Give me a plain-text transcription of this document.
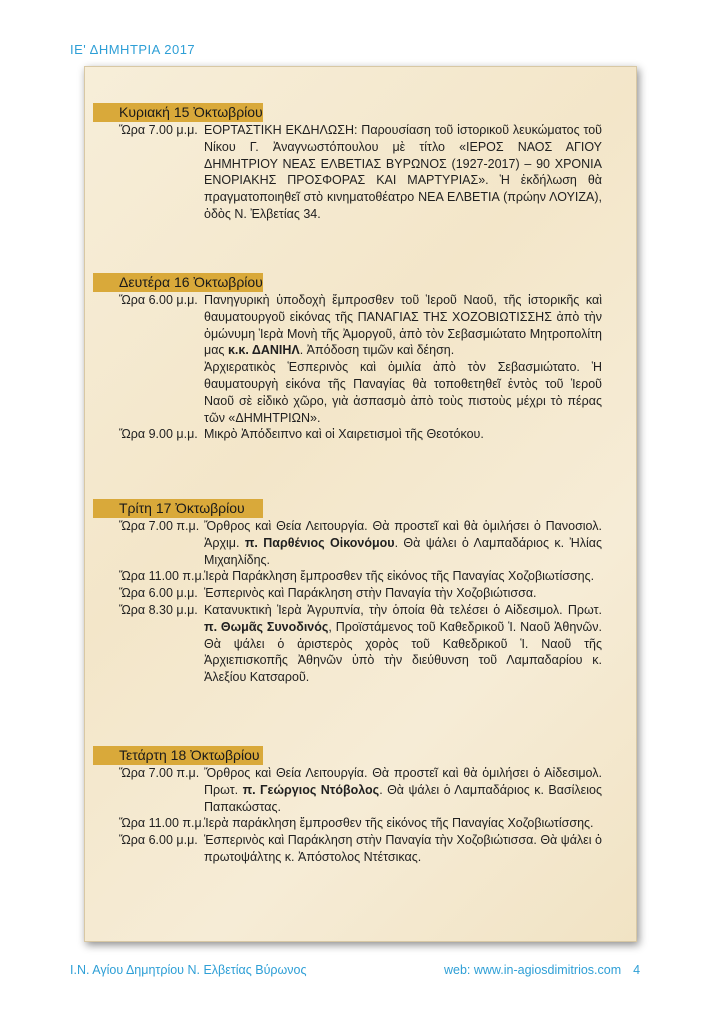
ΙΕ' ΔΗΜΗΤΡΙΑ 2017
Κυριακή 15 Ὀκτωβρίου
Ὥρα 7.00 μ.μ. ΕΟΡΤΑΣΤΙΚΗ ΕΚΔΗΛΩΣΗ: Παρουσίαση τοῦ ἱστορικοῦ λευκώματος τοῦ Νίκου Γ. Ἀναγνωστόπουλου μὲ τίτλο «ΙΕΡΟΣ ΝΑΟΣ ΑΓΙΟΥ ΔΗΜΗΤΡΙΟΥ ΝΕΑΣ ΕΛΒΕΤΙΑΣ ΒΥΡΩΝΟΣ (1927-2017) – 90 ΧΡΟΝΙΑ ΕΝΟΡΙΑΚΗΣ ΠΡΟΣΦΟΡΑΣ ΚΑΙ ΜΑΡΤΥΡΙΑΣ». Ἡ ἐκδήλωση θὰ πραγματοποιηθεῖ στὸ κινηματοθέατρο ΝΕΑ ΕΛΒΕΤΙΑ (πρώην ΛΟΥΙΖΑ), ὁδὸς Ν. Ἐλβετίας 34.
Δευτέρα 16 Ὀκτωβρίου
Ὥρα 6.00 μ.μ. Πανηγυρικὴ ὑποδοχὴ ἔμπροσθεν τοῦ Ἱεροῦ Ναοῦ, τῆς ἱστορικῆς καὶ θαυματουργοῦ εἰκόνας τῆς ΠΑΝΑΓΙΑΣ ΤΗΣ ΧΟΖΟΒΙΩΤΙΣΣΗΣ ἀπὸ τὴν ὁμώνυμη Ἱερὰ Μονὴ τῆς Ἀμοργοῦ, ἀπὸ τὸν Σεβασμιώτατο Μητροπολίτη μας κ.κ. ΔΑΝΙΗΛ. Ἀπόδοση τιμῶν καὶ δέηση.
Ἀρχιερατικὸς Ἑσπερινὸς καὶ ὁμιλία ἀπὸ τὸν Σεβασμιώτατο. Ἡ θαυματουργὴ εἰκόνα τῆς Παναγίας θὰ τοποθετηθεῖ ἐντὸς τοῦ Ἱεροῦ Ναοῦ σὲ εἰδικὸ χῶρο, γιὰ ἀσπασμὸ ἀπὸ τοὺς πιστοὺς μέχρι τὸ πέρας τῶν «ΔΗΜΗΤΡΙΩΝ».
Ὥρα 9.00 μ.μ. Μικρὸ Ἀπόδειπνο καὶ οἱ Χαιρετισμοὶ τῆς Θεοτόκου.
Τρίτη 17 Ὀκτωβρίου
Ὥρα 7.00 π.μ. Ὄρθρος καὶ Θεία Λειτουργία. Θὰ προστεῖ καὶ θὰ ὁμιλήσει ὁ Πανοσιολ. Ἀρχιμ. π. Παρθένιος Οἰκονόμου. Θὰ ψάλει ὁ Λαμπαδάριος κ. Ἠλίας Μιχαηλίδης.
Ὥρα 11.00 π.μ.
Ἱερὰ Παράκληση ἔμπροσθεν τῆς εἰκόνος τῆς Παναγίας Χοζοβιωτίσσης.
Ὥρα 6.00 μ.μ. Ἑσπερινὸς καὶ Παράκληση στὴν Παναγία τὴν Χοζοβιώτισσα.
Ὥρα 8.30 μ.μ. Κατανυκτικὴ Ἱερὰ Ἀγρυπνία, τὴν ὁποία θὰ τελέσει ὁ Αἰδεσιμολ. Πρωτ. π. Θωμᾶς Συνοδινός, Προϊστάμενος τοῦ Καθεδρικοῦ Ἱ. Ναοῦ Ἀθηνῶν. Θὰ ψάλει ὁ ἀριστερὸς χορὸς τοῦ Καθεδρικοῦ Ἱ. Ναοῦ τῆς Ἀρχιεπισκοπῆς Ἀθηνῶν ὑπὸ τὴν διεύθυνση τοῦ Λαμπαδαρίου κ. Ἀλεξίου Κατσαροῦ.
Τετάρτη 18 Ὀκτωβρίου
Ὥρα 7.00 π.μ. Ὄρθρος καὶ Θεία Λειτουργία. Θὰ προστεῖ καὶ θὰ ὁμιλήσει ὁ Αἰδεσιμολ. Πρωτ. π. Γεώργιος Ντόβολος. Θὰ ψάλει ὁ Λαμπαδάριος κ. Βασίλειος Παπακώστας.
Ὥρα 11.00 π.μ.
Ἱερὰ παράκληση ἔμπροσθεν τῆς εἰκόνος τῆς Παναγίας Χοζοβιωτίσσης.
Ὥρα 6.00 μ.μ. Ἑσπερινὸς καὶ Παράκληση στὴν Παναγία τὴν Χοζοβιώτισσα. Θὰ ψάλει ὁ πρωτοψάλτης κ. Ἀπόστολος Ντέτσικας.
Ι.Ν. Αγίου Δημητρίου Ν. Ελβετίας Βύρωνος	web: www.in-agiosdimitrios.com 4
